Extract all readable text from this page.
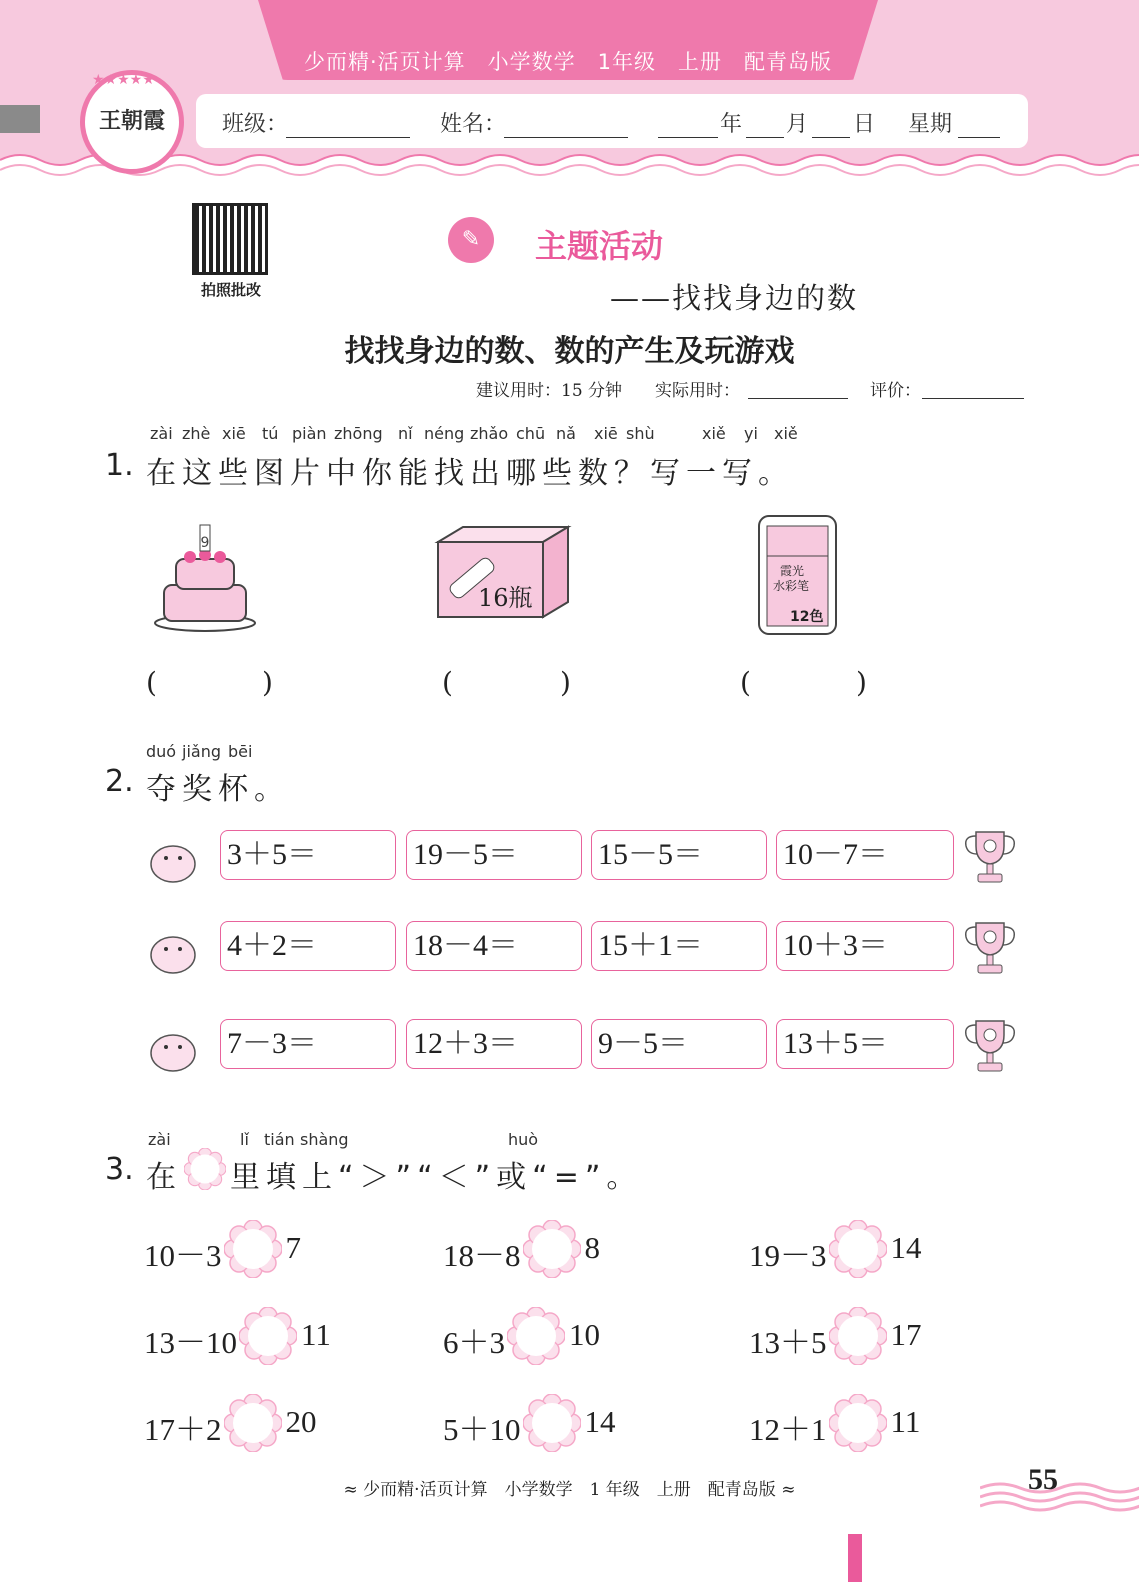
少而精·活页计算　小学数学　1年级　上册　配青岛版
★★★★★
王朝霞	班级：	姓名：	年 月 日 星期
拍照批改
✎	主题活动
——找找身边的数
找找身边的数、数的产生及玩游戏
建议用时：15 分钟 实际用时：	评价：
zài zhè xiē tú piàn zhōng nǐ néng zhǎo chū nǎ xiē shù	xiě yi xiě
1. 在这些图片中你能找出哪些数？写一写。
9
16瓶
霞光
水彩笔
12色
(	)	(	)	(	)
duó jiǎng bēi
2. 夺奖杯。
3＋5＝	19－5＝	15－5＝	10－7＝
4＋2＝	18－4＝	15＋1＝	10＋3＝
7－3＝	12＋3＝	9－5＝	13＋5＝
zài	lǐ tián shàng	huò
3. 在 里填上“＞”“＜”或“=”。
10－3 7	18－8 8	19－3 14
13－10 11	6＋3 10	13＋5 17
17＋2 20	5＋10 14	12＋1 11
≈ 少而精·活页计算　小学数学　1 年级　上册　配青岛版 ≈	55
